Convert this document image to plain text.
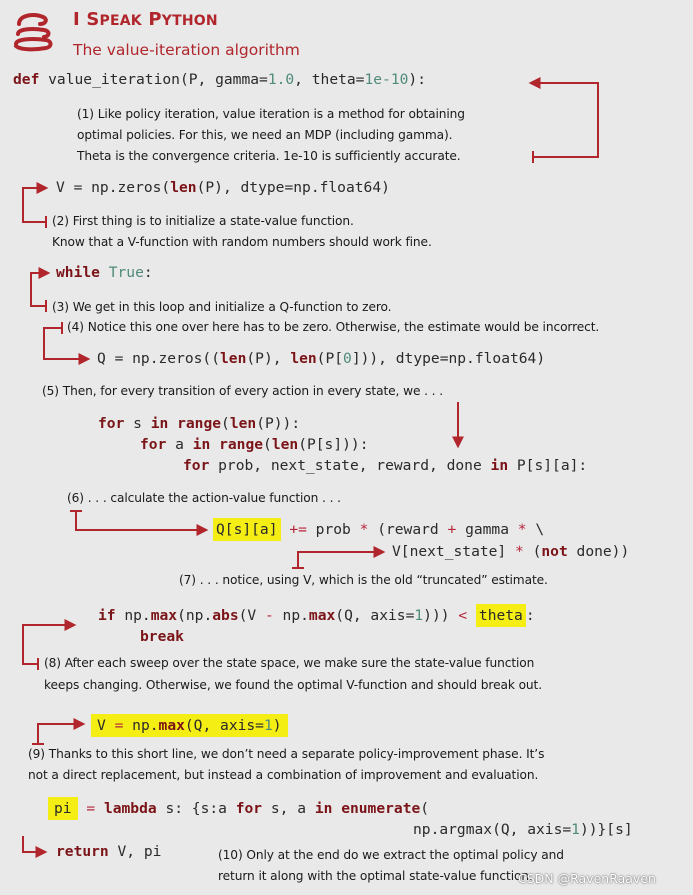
I SPEAK PYTHON
The value-iteration algorithm
def value_iteration(P, gamma=1.0, theta=1e-10):
(1) Like policy iteration, value iteration is a method for obtaining
optimal policies. For this, we need an MDP (including gamma).
Theta is the convergence criteria. 1e-10 is sufficiently accurate.
V = np.zeros(len(P), dtype=np.float64)
(2) First thing is to initialize a state-value function.
Know that a V-function with random numbers should work fine.
while True:
(3) We get in this loop and initialize a Q-function to zero.
(4) Notice this one over here has to be zero. Otherwise, the estimate would be incorrect.
Q = np.zeros((len(P), len(P[0])), dtype=np.float64)
(5) Then, for every transition of every action in every state, we . . .
for s in range(len(P)):
for a in range(len(P[s])):
for prob, next_state, reward, done in P[s][a]:
(6) . . . calculate the action-value function . . .
Q[s][a] += prob * (reward + gamma * \
V[next_state] * (not done))
(7) . . . notice, using V, which is the old “truncated” estimate.
if np.max(np.abs(V - np.max(Q, axis=1))) < theta :
break
(8) After each sweep over the state space, we make sure the state-value function
keeps changing. Otherwise, we found the optimal V-function and should break out.
V = np.max(Q, axis=1)
(9) Thanks to this short line, we don’t need a separate policy-improvement phase. It’s
not a direct replacement, but instead a combination of improvement and evaluation.
pi = lambda s: {s:a for s, a in enumerate(
np.argmax(Q, axis=1))}[s]
return V, pi	(10) Only at the end do we extract the optimal policy and
return it along with the optimal state-value function.
CSDN @RavenRaaven
